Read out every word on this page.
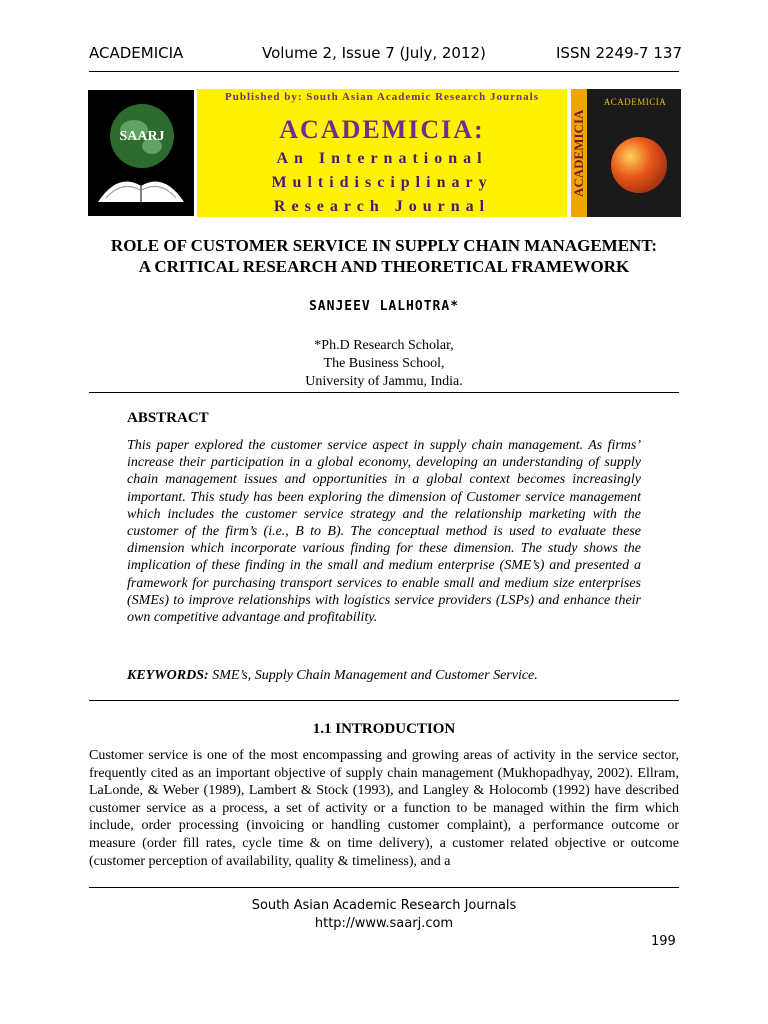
ACADEMICIA	Volume 2, Issue 7 (July, 2012)	ISSN 2249-7 137
SAARJ
Published by: South Asian Academic Research Journals
ACADEMICIA:
An International
Multidisciplinary
Research Journal
ACADEMICIA
ACADEMICIA
ROLE OF CUSTOMER SERVICE IN SUPPLY CHAIN MANAGEMENT:
A CRITICAL RESEARCH AND THEORETICAL FRAMEWORK
SANJEEV LALHOTRA*
*Ph.D Research Scholar,
The Business School,
University of Jammu, India.
ABSTRACT
This paper explored the customer service aspect in supply chain management. As firms’ increase their participation in a global economy, developing an understanding of supply chain management issues and opportunities in a global context becomes increasingly important. This study has been exploring the dimension of Customer service management which includes the customer service strategy and the relationship marketing with the customer of the firm’s (i.e., B to B). The conceptual method is used to evaluate these dimension which incorporate various finding for these dimension. The study shows the implication of these finding in the small and medium enterprise (SME’s) and presented a framework for purchasing transport services to enable small and medium size enterprises (SMEs) to improve relationships with logistics service providers (LSPs) and enhance their own competitive advantage and profitability.
KEYWORDS: SME’s, Supply Chain Management and Customer Service.
1.1 INTRODUCTION
Customer service is one of the most encompassing and growing areas of activity in the service sector, frequently cited as an important objective of supply chain management (Mukhopadhyay, 2002). Ellram, LaLonde, & Weber (1989), Lambert & Stock (1993), and Langley & Holocomb (1992) have described customer service as a process, a set of activity or a function to be managed within the firm which include, order processing (invoicing or handling customer complaint), a performance outcome or measure (order fill rates, cycle time & on time delivery), a customer related objective or outcome (customer perception of availability, quality & timeliness), and a
South Asian Academic Research Journals
http://www.saarj.com
199
